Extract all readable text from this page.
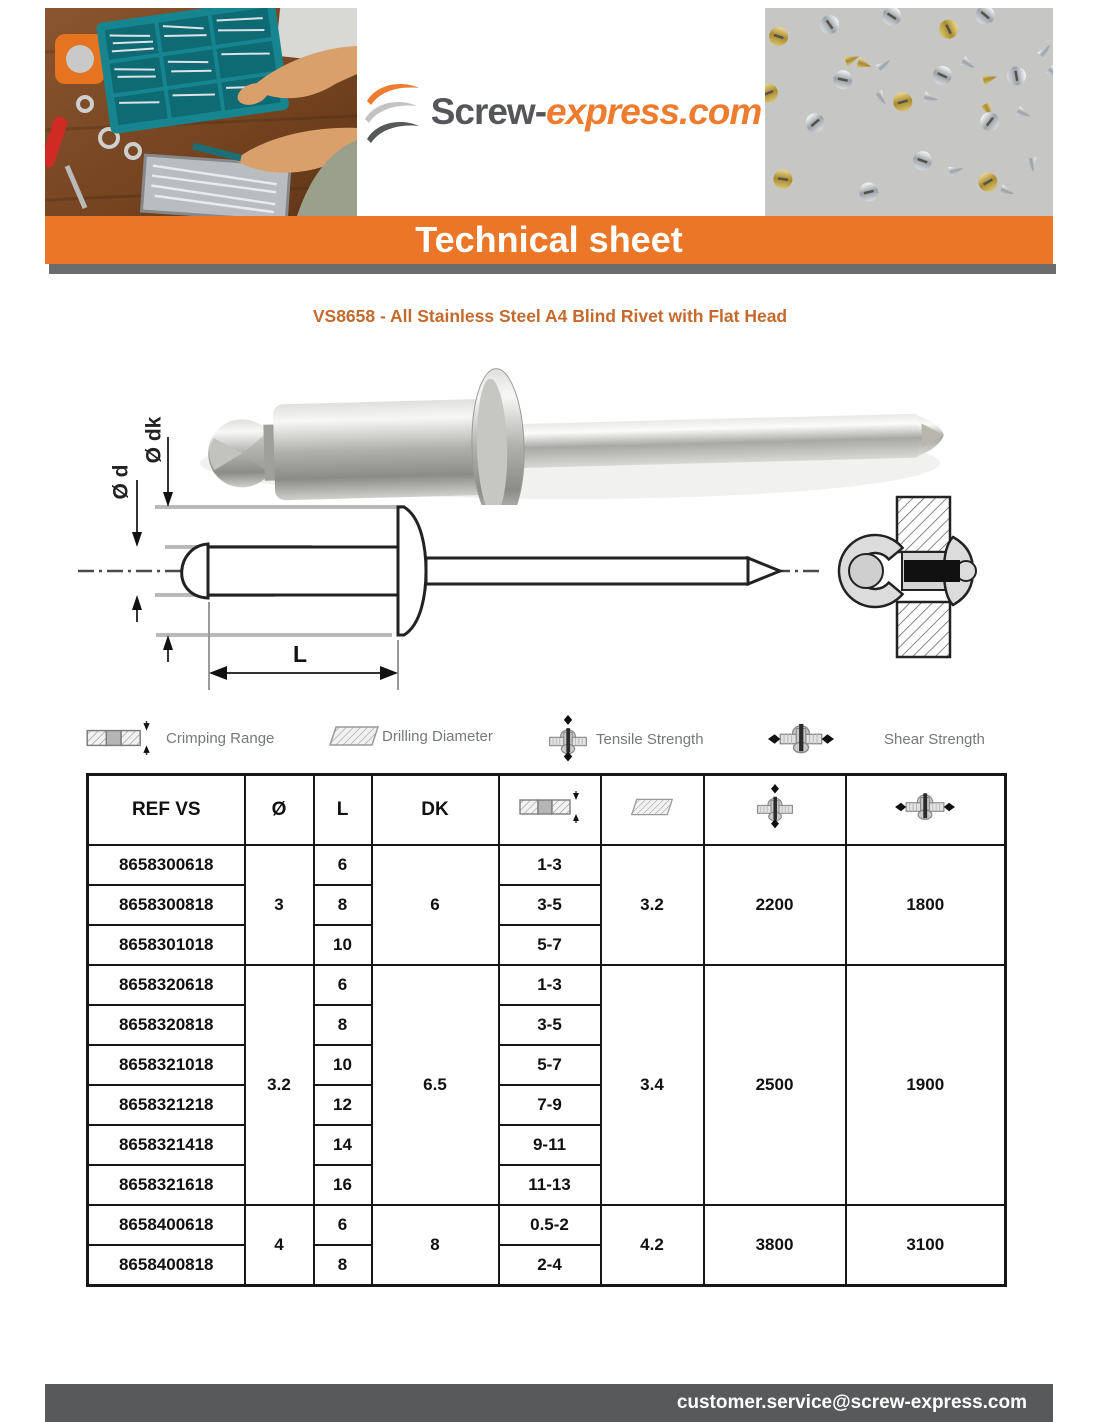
Screw-express.com
Technical sheet
VS8658 - All Stainless Steel A4 Blind Rivet with Flat Head
Ø d
Ø dk
L
Crimping Range	Drilling Diameter	Tensile Strength	Shear Strength
REF VS	Ø	L	DK				
8658300618	3	6	6	1-3	3.2	2200	1800
8658300818		8		3-5			
8658301018		10		5-7			
8658320618	3.2	6	6.5	1-3	3.4	2500	1900
8658320818		8		3-5			
8658321018		10		5-7			
8658321218		12		7-9			
8658321418		14		9-11			
8658321618		16		11-13			
8658400618	4	6	8	0.5-2	4.2	3800	3100
8658400818		8		2-4			
customer.service@screw-express.com
